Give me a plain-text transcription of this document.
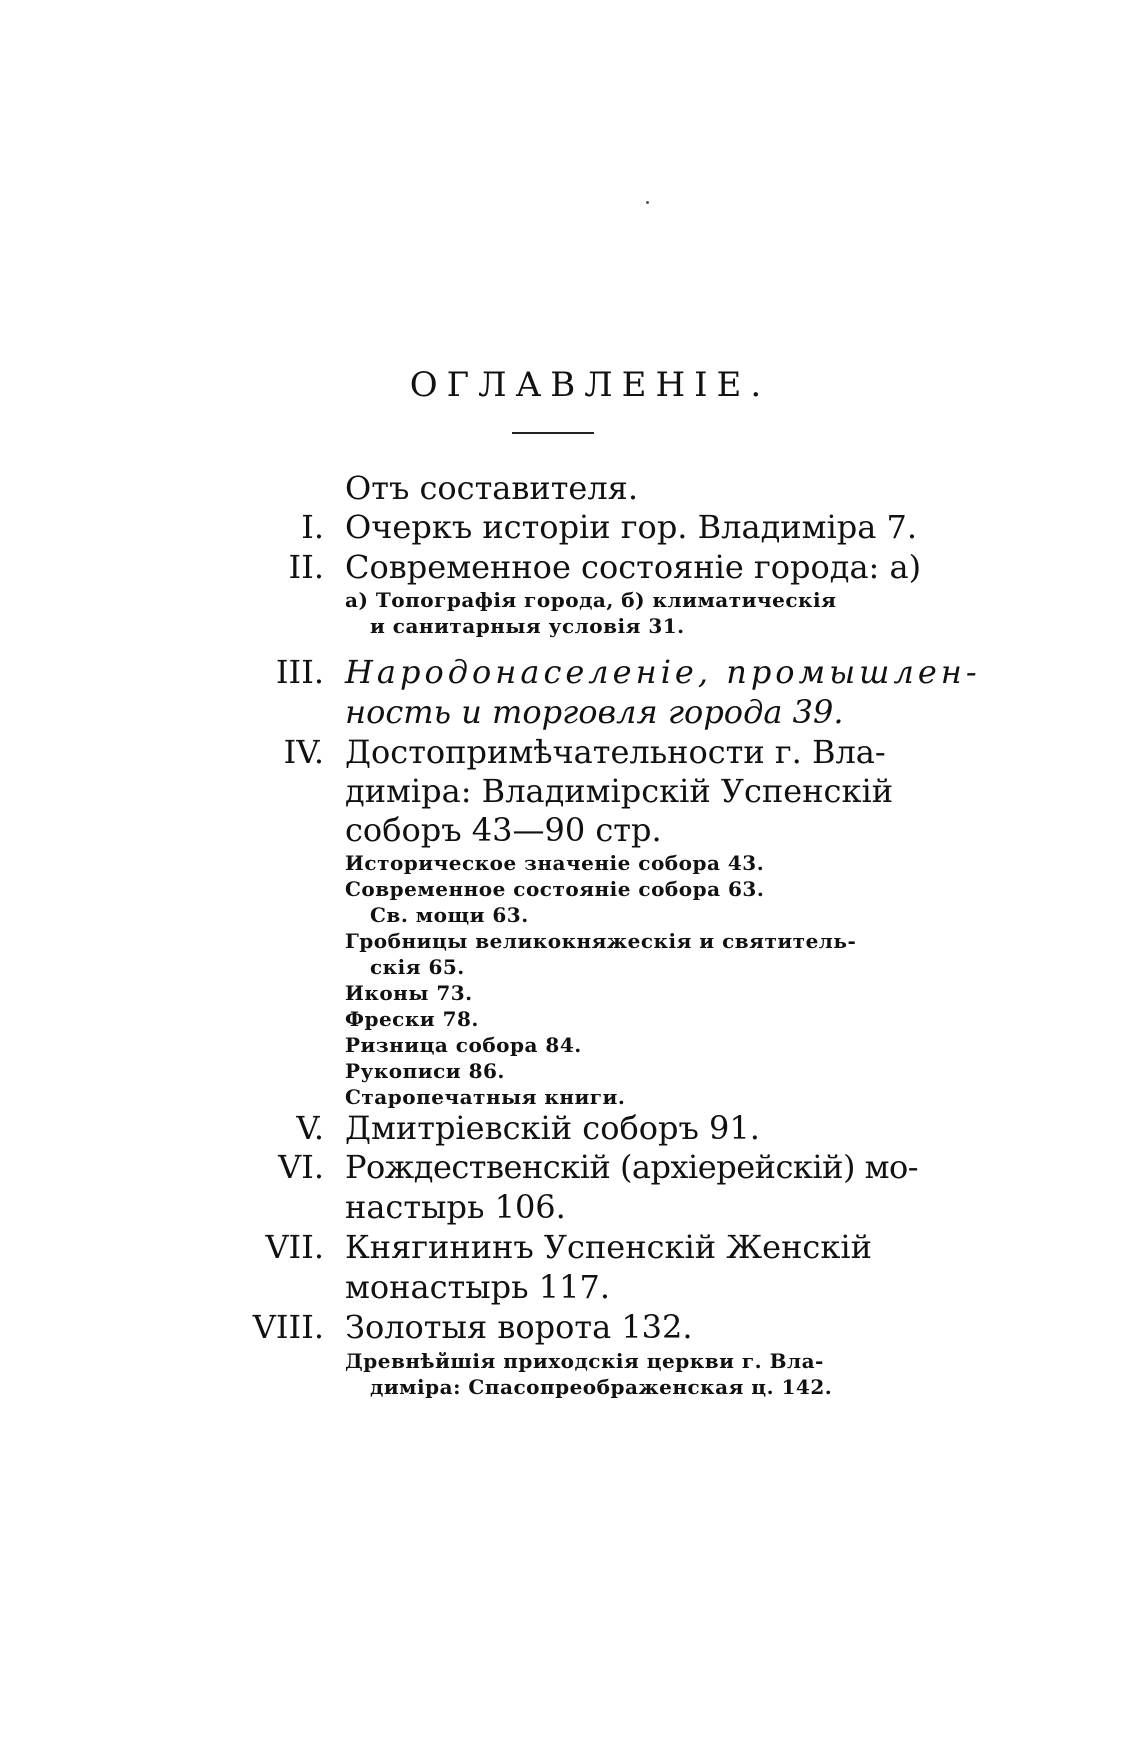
ОГЛАВЛЕНІЕ.
Отъ составителя.
I. Очеркъ исторіи гор. Владиміра 7.
II. Современное состояніе города: а)
а) Топографія города, б) климатическія
и санитарныя условія 31.
III. Народонаселеніе, промышлен-
ность и торговля города 39.
IV. Достопримѣчательности г. Вла-
диміра: Владимірскій Успенскій
соборъ 43—90 стр.
Историческое значеніе собора 43.
Современное состояніе собора 63.
Св. мощи 63.
Гробницы великокняжескія и святитель-
скія 65.
Иконы 73.
Фрески 78.
Ризница собора 84.
Рукописи 86.
Старопечатныя книги.
V. Дмитріевскій соборъ 91.
VI. Рождественскій (архіерейскій) мо-
настырь 106.
VII. Княгининъ Успенскій Женскій
монастырь 117.
VIII. Золотыя ворота 132.
Древнѣйшія приходскія церкви г. Вла-
диміра: Спасопреображенская ц. 142.
